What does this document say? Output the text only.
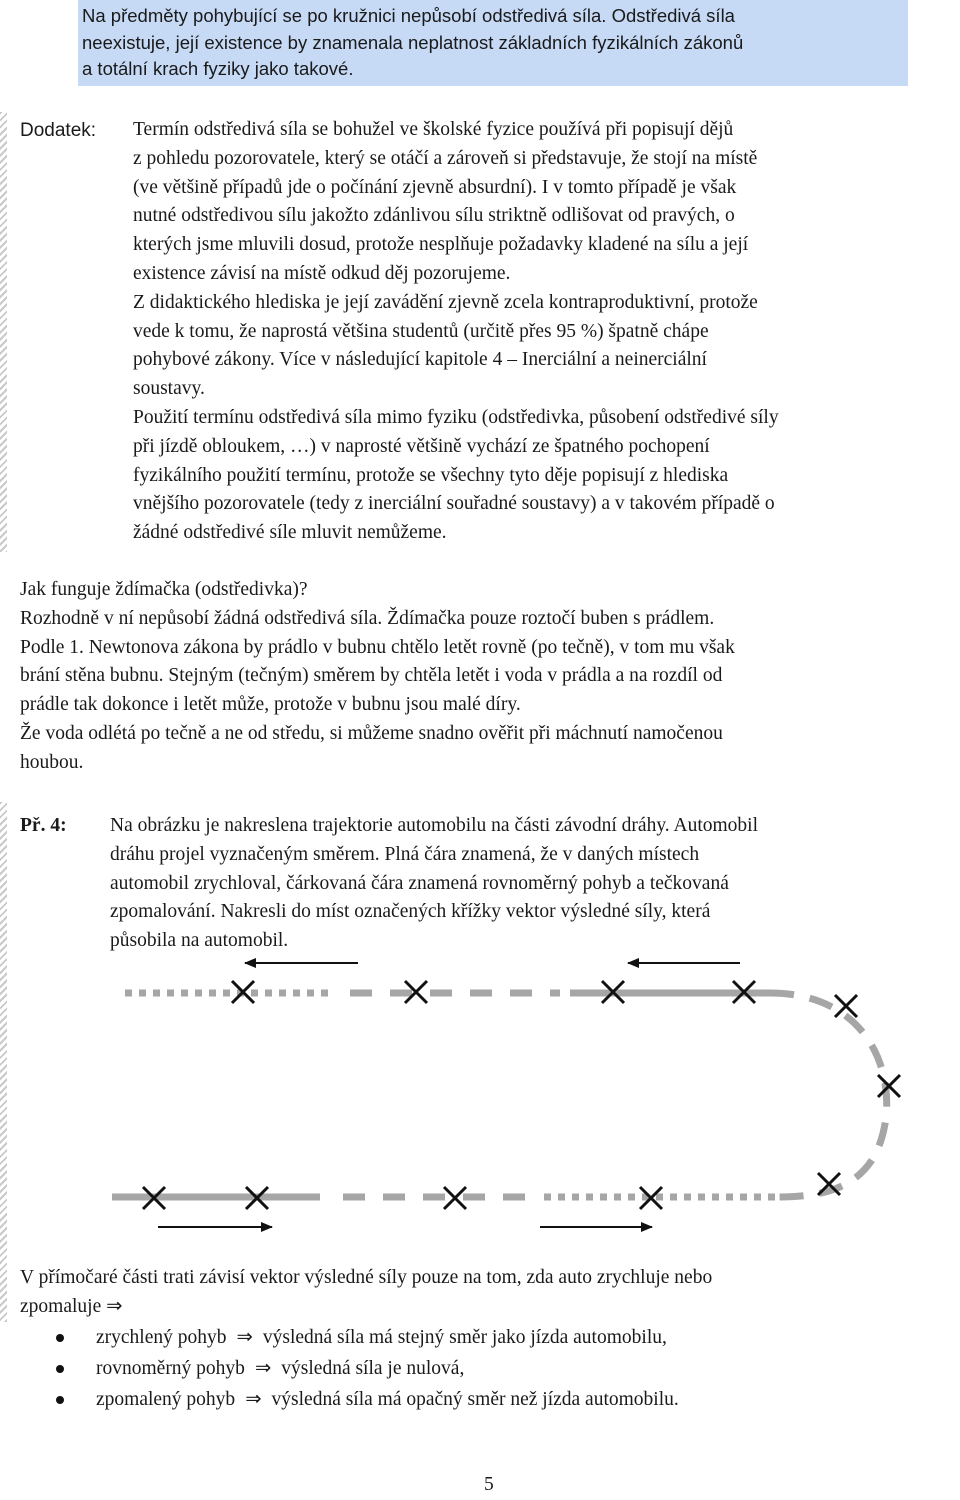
Na předměty pohybující se po kružnici nepůsobí odstředivá síla. Odstředivá síla
neexistuje, její existence by znamenala neplatnost základních fyzikálních zákonů
a totální krach fyziky jako takové.
Dodatek: Termín odstředivá síla se bohužel ve školské fyzice používá při popisují dějů
z pohledu pozorovatele, který se otáčí a zároveň si představuje, že stojí na místě
(ve většině případů jde o počínání zjevně absurdní). I v tomto případě je však
nutné odstředivou sílu jakožto zdánlivou sílu striktně odlišovat od pravých, o
kterých jsme mluvili dosud, protože nesplňuje požadavky kladené na sílu a její
existence závisí na místě odkud děj pozorujeme.
Z didaktického hlediska je její zavádění zjevně zcela kontraproduktivní, protože
vede k tomu, že naprostá většina studentů (určitě přes 95 %) špatně chápe
pohybové zákony. Více v následující kapitole 4 – Inerciální a neinerciální
soustavy.
Použití termínu odstředivá síla mimo fyziku (odstředivka, působení odstředivé síly
při jízdě obloukem, …) v naprosté většině vychází ze špatného pochopení
fyzikálního použití termínu, protože se všechny tyto děje popisují z hlediska
vnějšího pozorovatele (tedy z inerciální souřadné soustavy) a v takovém případě o
žádné odstředivé síle mluvit nemůžeme.
Jak funguje ždímačka (odstředivka)?
Rozhodně v ní nepůsobí žádná odstředivá síla. Ždímačka pouze roztočí buben s prádlem.
Podle 1. Newtonova zákona by prádlo v bubnu chtělo letět rovně (po tečně), v tom mu však
brání stěna bubnu. Stejným (tečným) směrem by chtěla letět i voda v prádla a na rozdíl od
prádle tak dokonce i letět může, protože v bubnu jsou malé díry.
Že voda odlétá po tečně a ne od středu, si můžeme snadno ověřit při máchnutí namočenou
houbou.
Př. 4: Na obrázku je nakreslena trajektorie automobilu na části závodní dráhy. Automobil
dráhu projel vyznačeným směrem. Plná čára znamená, že v daných místech
automobil zrychloval, čárkovaná čára znamená rovnoměrný pohyb a tečkovaná
zpomalování. Nakresli do míst označených křížky vektor výsledné síly, která
působila na automobil.
V přímočaré části trati závisí vektor výsledné síly pouze na tom, zda auto zrychluje nebo
zpomaluje ⇒
zrychlený pohyb ⇒ výsledná síla má stejný směr jako jízda automobilu,
rovnoměrný pohyb ⇒ výsledná síla je nulová,
zpomalený pohyb ⇒ výsledná síla má opačný směr než jízda automobilu.
5
